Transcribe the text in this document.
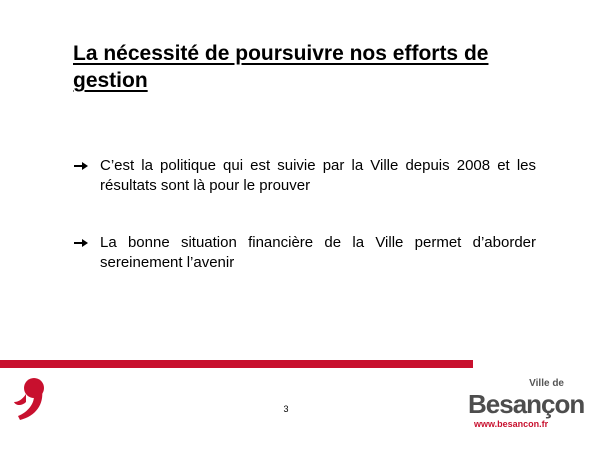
La nécessité de poursuivre nos efforts de gestion
C’est la politique qui est suivie par la Ville depuis 2008 et les résultats sont là pour le prouver
La bonne situation financière de la Ville permet d’aborder sereinement l’avenir
3
Ville de
Besançon
www.besancon.fr
